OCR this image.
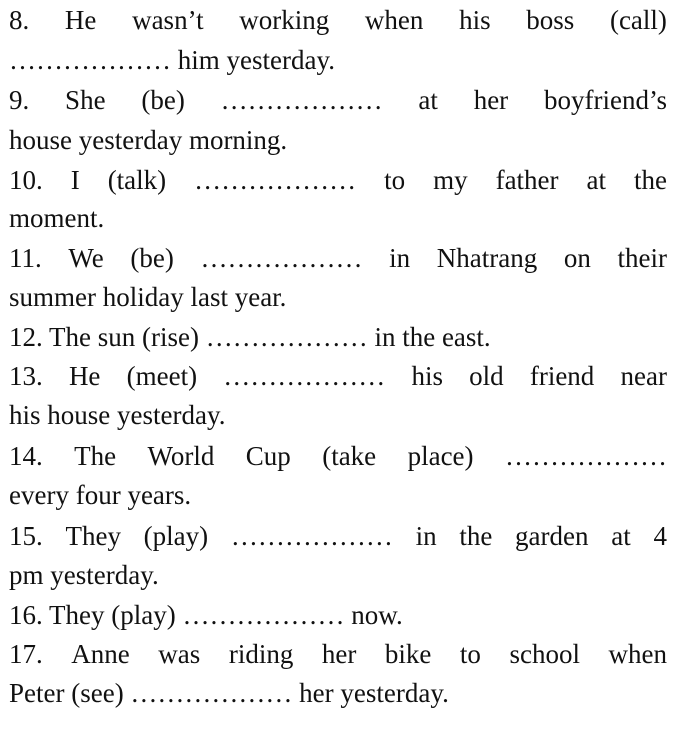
8. He wasn’t working when his boss (call)
……………… him yesterday.
9. She (be) ……………… at her boyfriend’s
house yesterday morning.
10. I (talk) ……………… to my father at the
moment.
11. We (be) ……………… in Nhatrang on their
summer holiday last year.
12. The sun (rise) ……………… in the east.
13. He (meet) ……………… his old friend near
his house yesterday.
14. The World Cup (take place) ………………
every four years.
15. They (play) ……………… in the garden at 4
pm yesterday.
16. They (play) ……………… now.
17. Anne was riding her bike to school when
Peter (see) ……………… her yesterday.
